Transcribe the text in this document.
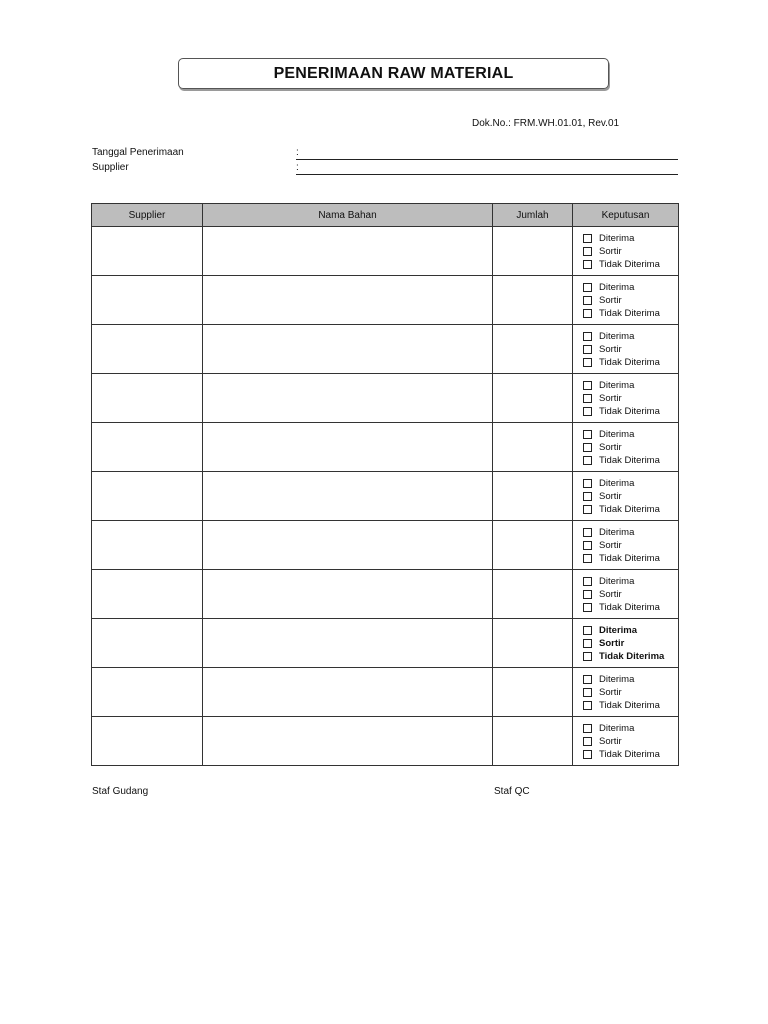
PENERIMAAN RAW MATERIAL
Dok.No.: FRM.WH.01.01, Rev.01
Tanggal Penerimaan	:
Supplier	:
Supplier	Nama Bahan	Jumlah	Keputusan

			Diterima
Sortir
Tidak Diterima

			Diterima
Sortir
Tidak Diterima

			Diterima
Sortir
Tidak Diterima

			Diterima
Sortir
Tidak Diterima

			Diterima
Sortir
Tidak Diterima

			Diterima
Sortir
Tidak Diterima

			Diterima
Sortir
Tidak Diterima

			Diterima
Sortir
Tidak Diterima

			Diterima
Sortir
Tidak Diterima

			Diterima
Sortir
Tidak Diterima

			Diterima
Sortir
Tidak Diterima
Staf Gudang	Staf QC
